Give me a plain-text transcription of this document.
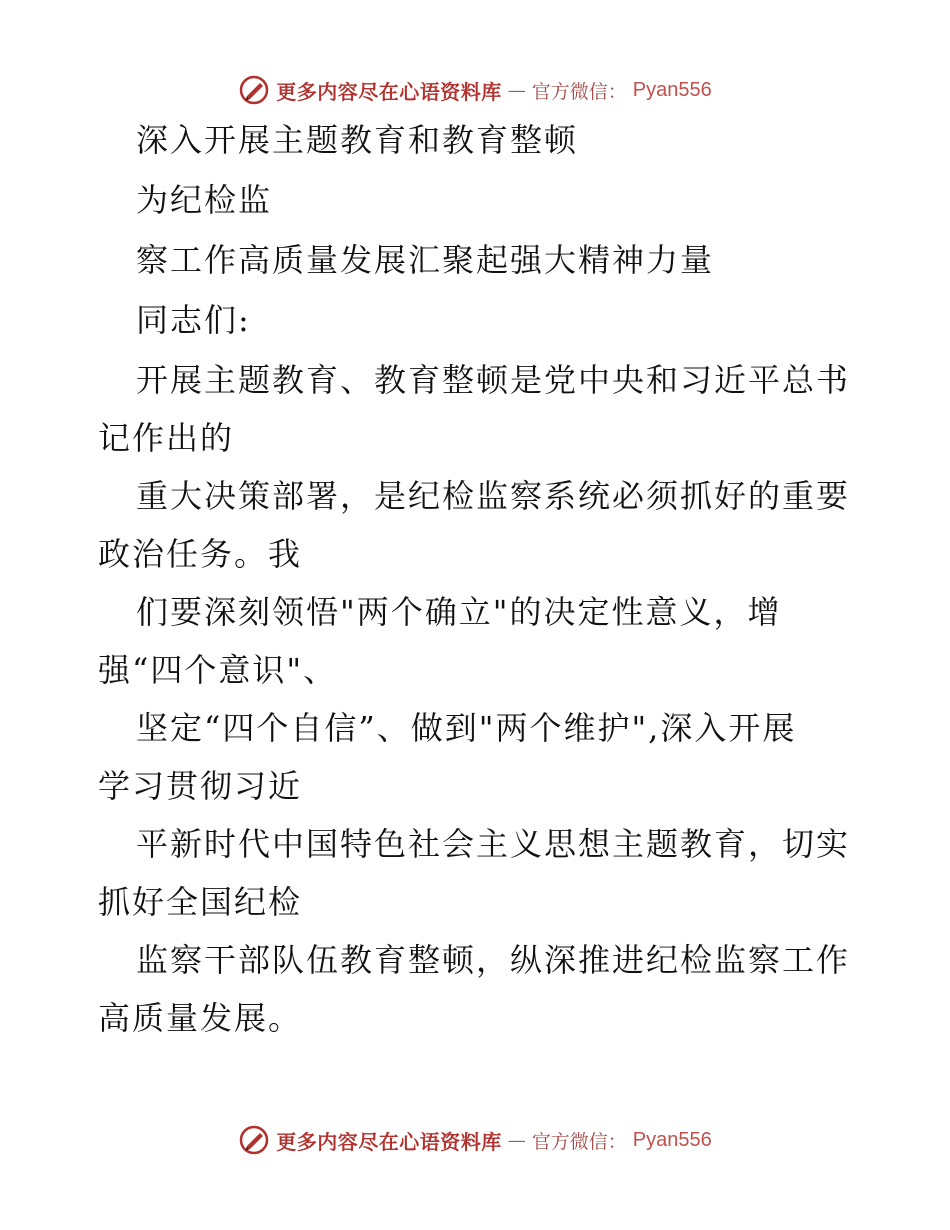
更多内容尽在心语资料库 — 官方微信： Pyan556
深入开展主题教育和教育整顿
为纪检监
察工作高质量发展汇聚起强大精神力量
同志们:
开展主题教育、教育整顿是党中央和习近平总书
记作出的
重大决策部署，是纪检监察系统必须抓好的重要
政治任务。我
们要深刻领悟"两个确立"的决定性意义，增
强“四个意识"、
坚定“四个自信”、做到"两个维护",深入开展
学习贯彻习近
平新时代中国特色社会主义思想主题教育，切实
抓好全国纪检
监察干部队伍教育整顿，纵深推进纪检监察工作
高质量发展。
更多内容尽在心语资料库 — 官方微信： Pyan556
